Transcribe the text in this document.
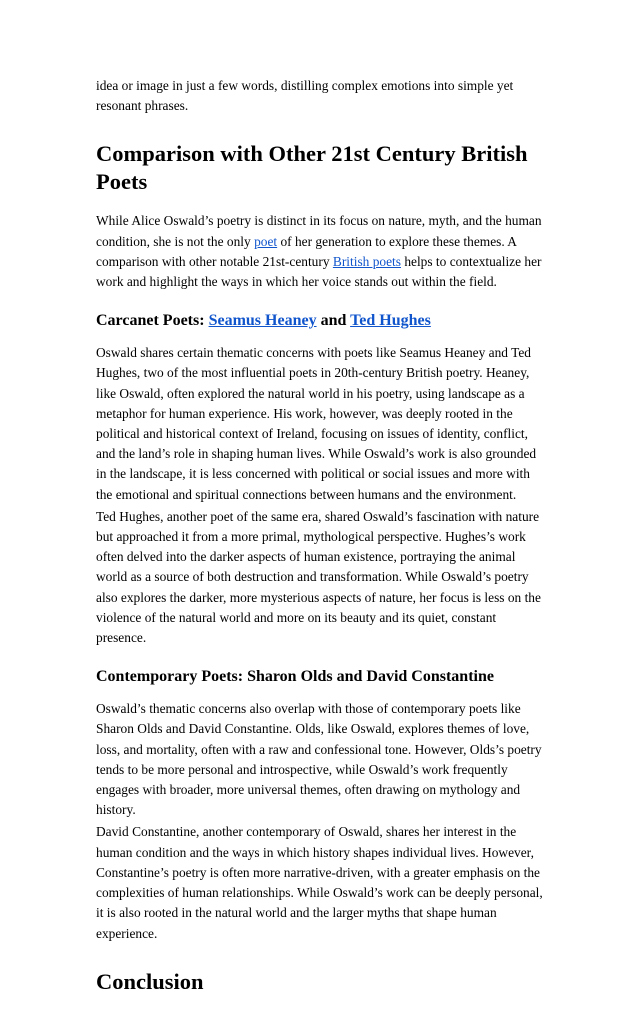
idea or image in just a few words, distilling complex emotions into simple yet resonant phrases.

Comparison with Other 21st Century British Poets

While Alice Oswald’s poetry is distinct in its focus on nature, myth, and the human condition, she is not the only poet of her generation to explore these themes. A comparison with other notable 21st-century British poets helps to contextualize her work and highlight the ways in which her voice stands out within the field.

Carcanet Poets: Seamus Heaney and Ted Hughes

Oswald shares certain thematic concerns with poets like Seamus Heaney and Ted Hughes, two of the most influential poets in 20th-century British poetry. Heaney, like Oswald, often explored the natural world in his poetry, using landscape as a metaphor for human experience. His work, however, was deeply rooted in the political and historical context of Ireland, focusing on issues of identity, conflict, and the land’s role in shaping human lives. While Oswald’s work is also grounded in the landscape, it is less concerned with political or social issues and more with the emotional and spiritual connections between humans and the environment.

Ted Hughes, another poet of the same era, shared Oswald’s fascination with nature but approached it from a more primal, mythological perspective. Hughes’s work often delved into the darker aspects of human existence, portraying the animal world as a source of both destruction and transformation. While Oswald’s poetry also explores the darker, more mysterious aspects of nature, her focus is less on the violence of the natural world and more on its beauty and its quiet, constant presence.

Contemporary Poets: Sharon Olds and David Constantine

Oswald’s thematic concerns also overlap with those of contemporary poets like Sharon Olds and David Constantine. Olds, like Oswald, explores themes of love, loss, and mortality, often with a raw and confessional tone. However, Olds’s poetry tends to be more personal and introspective, while Oswald’s work frequently engages with broader, more universal themes, often drawing on mythology and history.

David Constantine, another contemporary of Oswald, shares her interest in the human condition and the ways in which history shapes individual lives. However, Constantine’s poetry is often more narrative-driven, with a greater emphasis on the complexities of human relationships. While Oswald’s work can be deeply personal, it is also rooted in the natural world and the larger myths that shape human experience.

Conclusion
